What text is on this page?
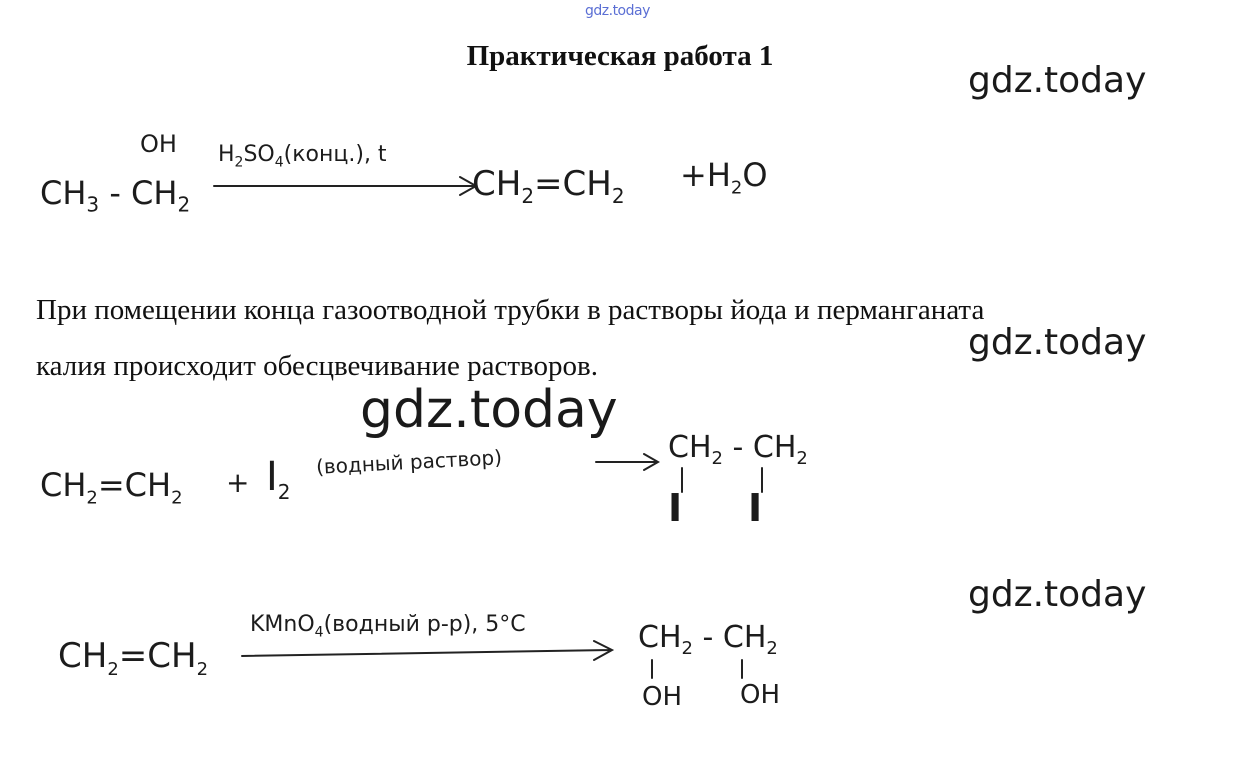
gdz.today
gdz.today
gdz.today
gdz.today
gdz.today
Практическая работа 1
OH
$CH_3 - CH_2$
$H_2SO_4(конц.)$, t
$CH_2=CH_2$
$+H_2O$
При помещении конца газоотводной трубки в растворы йода и перманганата
калия происходит обесцвечивание растворов.
$CH_2=CH_2 + I_2$
(водный раствор)	$CH_2 - CH_2$
I I
$CH_2=CH_2$
KMnO$_4$(водный р-р), 5°C	$CH_2 - CH_2$
OH OH
